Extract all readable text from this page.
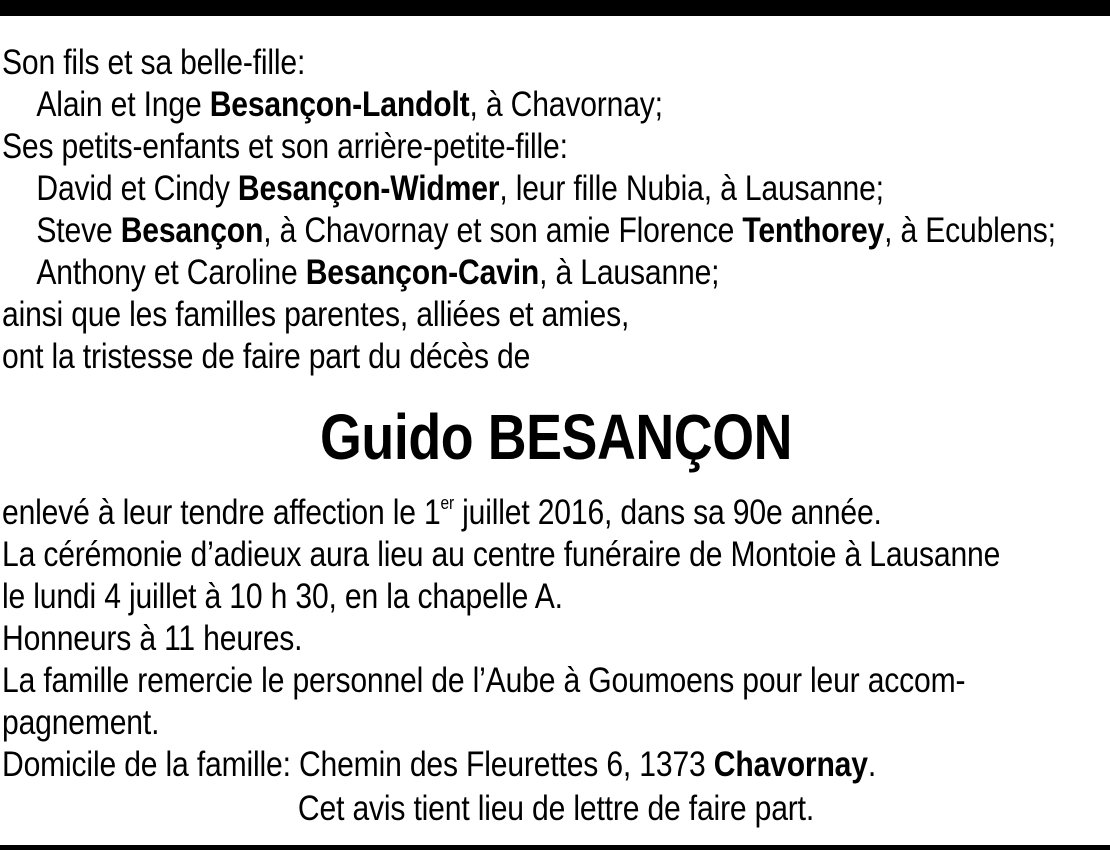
Son fils et sa belle-fille:
Alain et Inge Besançon-Landolt, à Chavornay;
Ses petits-enfants et son arrière-petite-fille:
David et Cindy Besançon-Widmer, leur fille Nubia, à Lausanne;
Steve Besançon, à Chavornay et son amie Florence Tenthorey, à Ecublens;
Anthony et Caroline Besançon-Cavin, à Lausanne;
ainsi que les familles parentes, alliées et amies,
ont la tristesse de faire part du décès de
Guido BESANÇON
enlevé à leur tendre affection le 1er juillet 2016, dans sa 90e année.
La cérémonie d’adieux aura lieu au centre funéraire de Montoie à Lausanne
le lundi 4 juillet à 10 h 30, en la chapelle A.
Honneurs à 11 heures.
La famille remercie le personnel de l’Aube à Goumoens pour leur accom-
pagnement.
Domicile de la famille: Chemin des Fleurettes 6, 1373 Chavornay.
Cet avis tient lieu de lettre de faire part.
